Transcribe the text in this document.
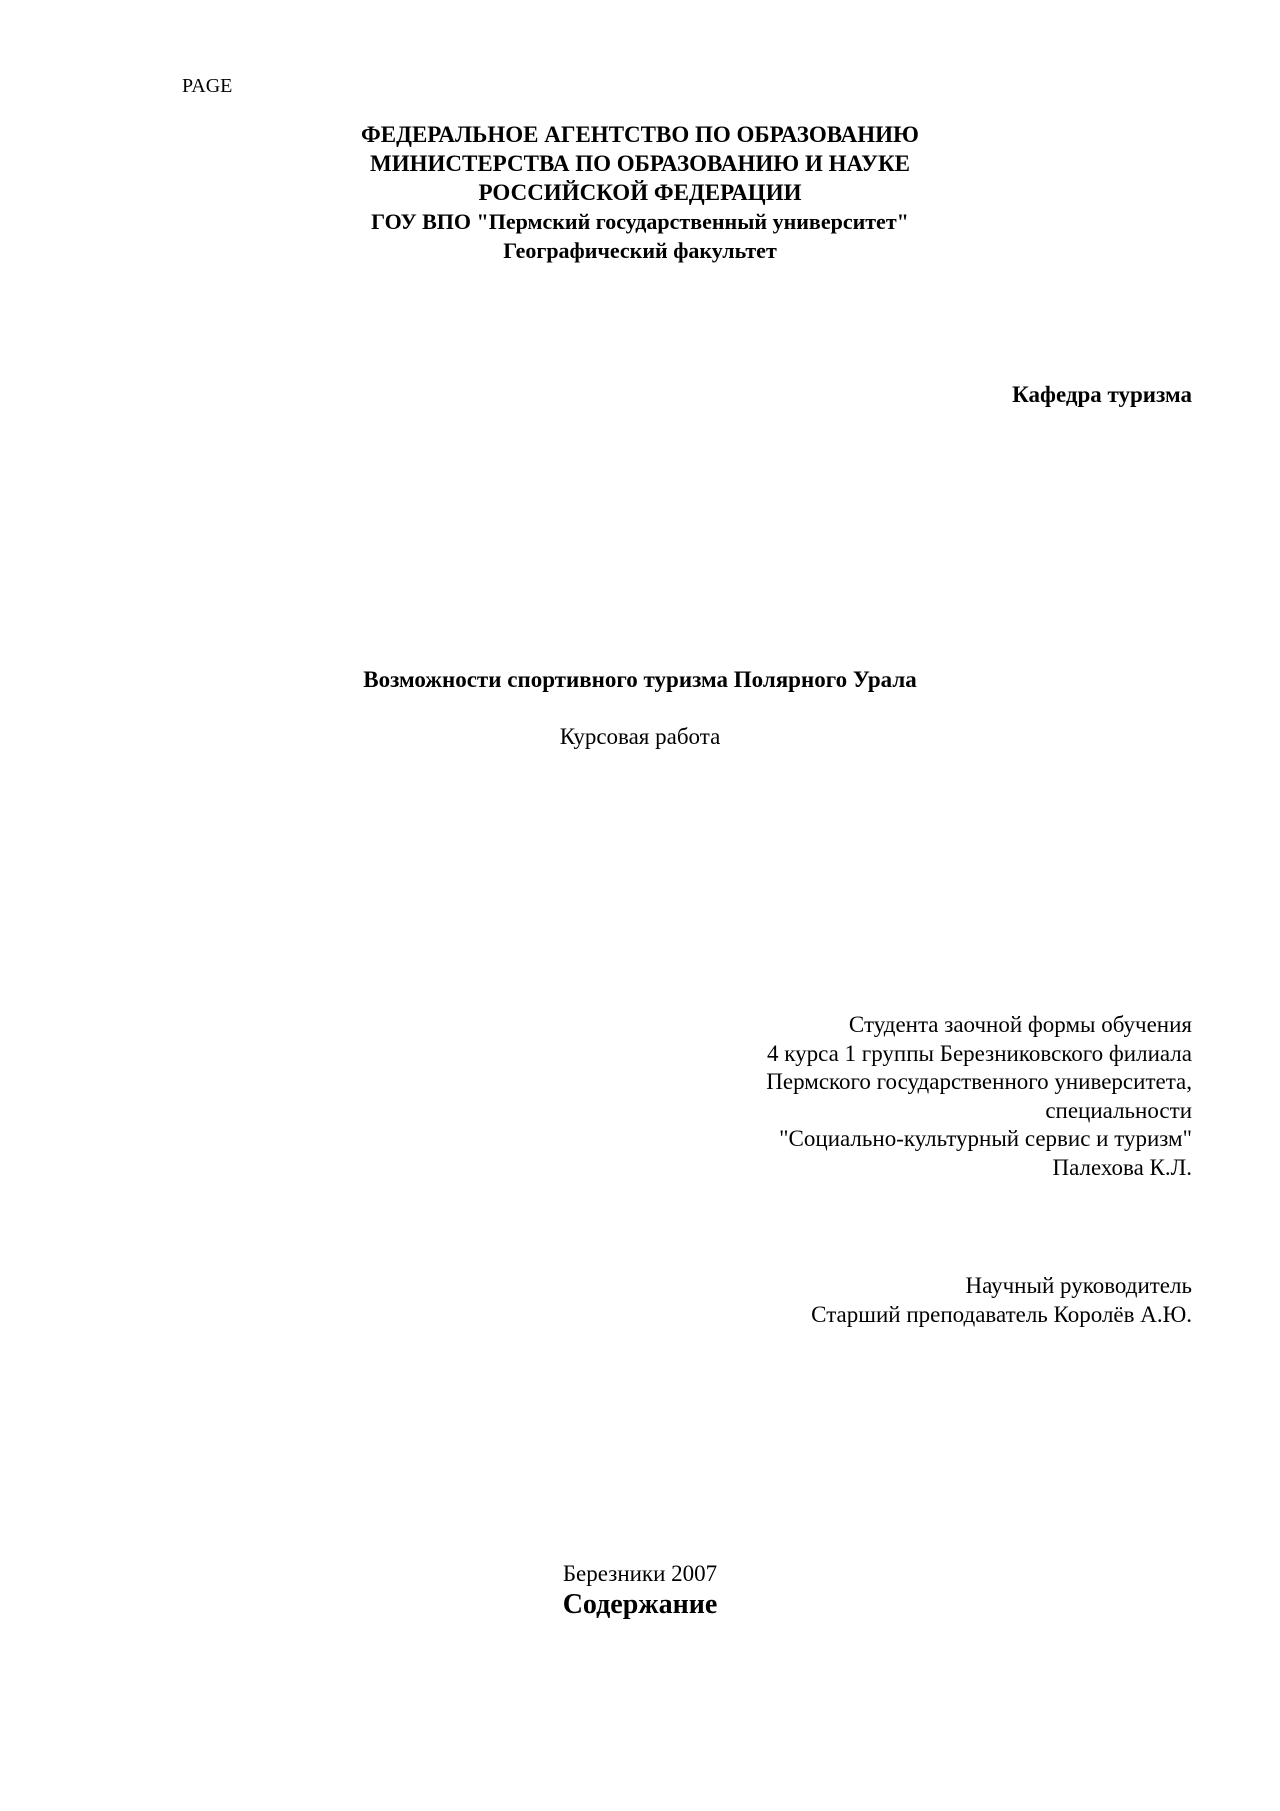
PAGE
ФЕДЕРАЛЬНОЕ АГЕНТСТВО ПО ОБРАЗОВАНИЮ
МИНИСТЕРСТВА ПО ОБРАЗОВАНИЮ И НАУКЕ
РОССИЙСКОЙ ФЕДЕРАЦИИ
ГОУ ВПО "Пермский государственный университет"
Географический факультет
Кафедра туризма
Возможности спортивного туризма Полярного Урала
Курсовая работа
Студента заочной формы обучения
4 курса 1 группы Березниковского филиала
Пермского государственного университета,
специальности
"Социально-культурный сервис и туризм"
Палехова К.Л.
Научный руководитель
Старший преподаватель Королёв А.Ю.
Березники 2007
Содержание
